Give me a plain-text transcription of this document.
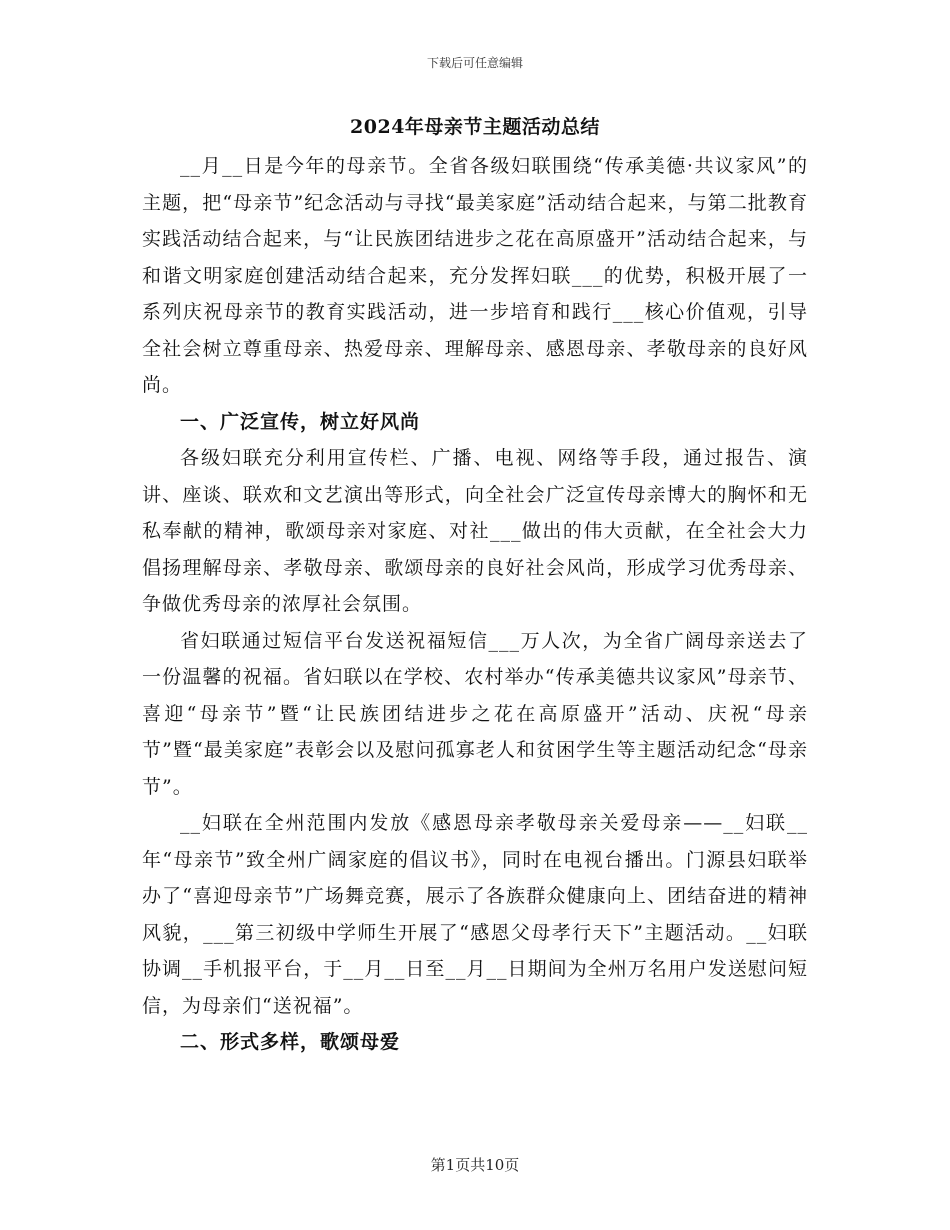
下载后可任意编辑
2024年母亲节主题活动总结

__月__日是今年的母亲节。全省各级妇联围绕“传承美德·共议家风”的主题，把“母亲节”纪念活动与寻找“最美家庭”活动结合起来，与第二批教育实践活动结合起来，与“让民族团结进步之花在高原盛开”活动结合起来，与和谐文明家庭创建活动结合起来，充分发挥妇联___的优势，积极开展了一系列庆祝母亲节的教育实践活动，进一步培育和践行___核心价值观，引导全社会树立尊重母亲、热爱母亲、理解母亲、感恩母亲、孝敬母亲的良好风尚。

一、广泛宣传，树立好风尚

各级妇联充分利用宣传栏、广播、电视、网络等手段，通过报告、演讲、座谈、联欢和文艺演出等形式，向全社会广泛宣传母亲博大的胸怀和无私奉献的精神，歌颂母亲对家庭、对社___做出的伟大贡献，在全社会大力倡扬理解母亲、孝敬母亲、歌颂母亲的良好社会风尚，形成学习优秀母亲、争做优秀母亲的浓厚社会氛围。

省妇联通过短信平台发送祝福短信___万人次，为全省广阔母亲送去了一份温馨的祝福。省妇联以在学校、农村举办“传承美德共议家风”母亲节、喜迎“母亲节”暨“让民族团结进步之花在高原盛开”活动、庆祝“母亲节”暨“最美家庭”表彰会以及慰问孤寡老人和贫困学生等主题活动纪念“母亲节”。

__妇联在全州范围内发放《感恩母亲孝敬母亲关爱母亲——__妇联__年“母亲节”致全州广阔家庭的倡议书》，同时在电视台播出。门源县妇联举办了“喜迎母亲节”广场舞竞赛，展示了各族群众健康向上、团结奋进的精神风貌，___第三初级中学师生开展了“感恩父母孝行天下”主题活动。__妇联协调__手机报平台，于__月__日至__月__日期间为全州万名用户发送慰问短信，为母亲们“送祝福”。

二、形式多样，歌颂母爱
第1页共10页
